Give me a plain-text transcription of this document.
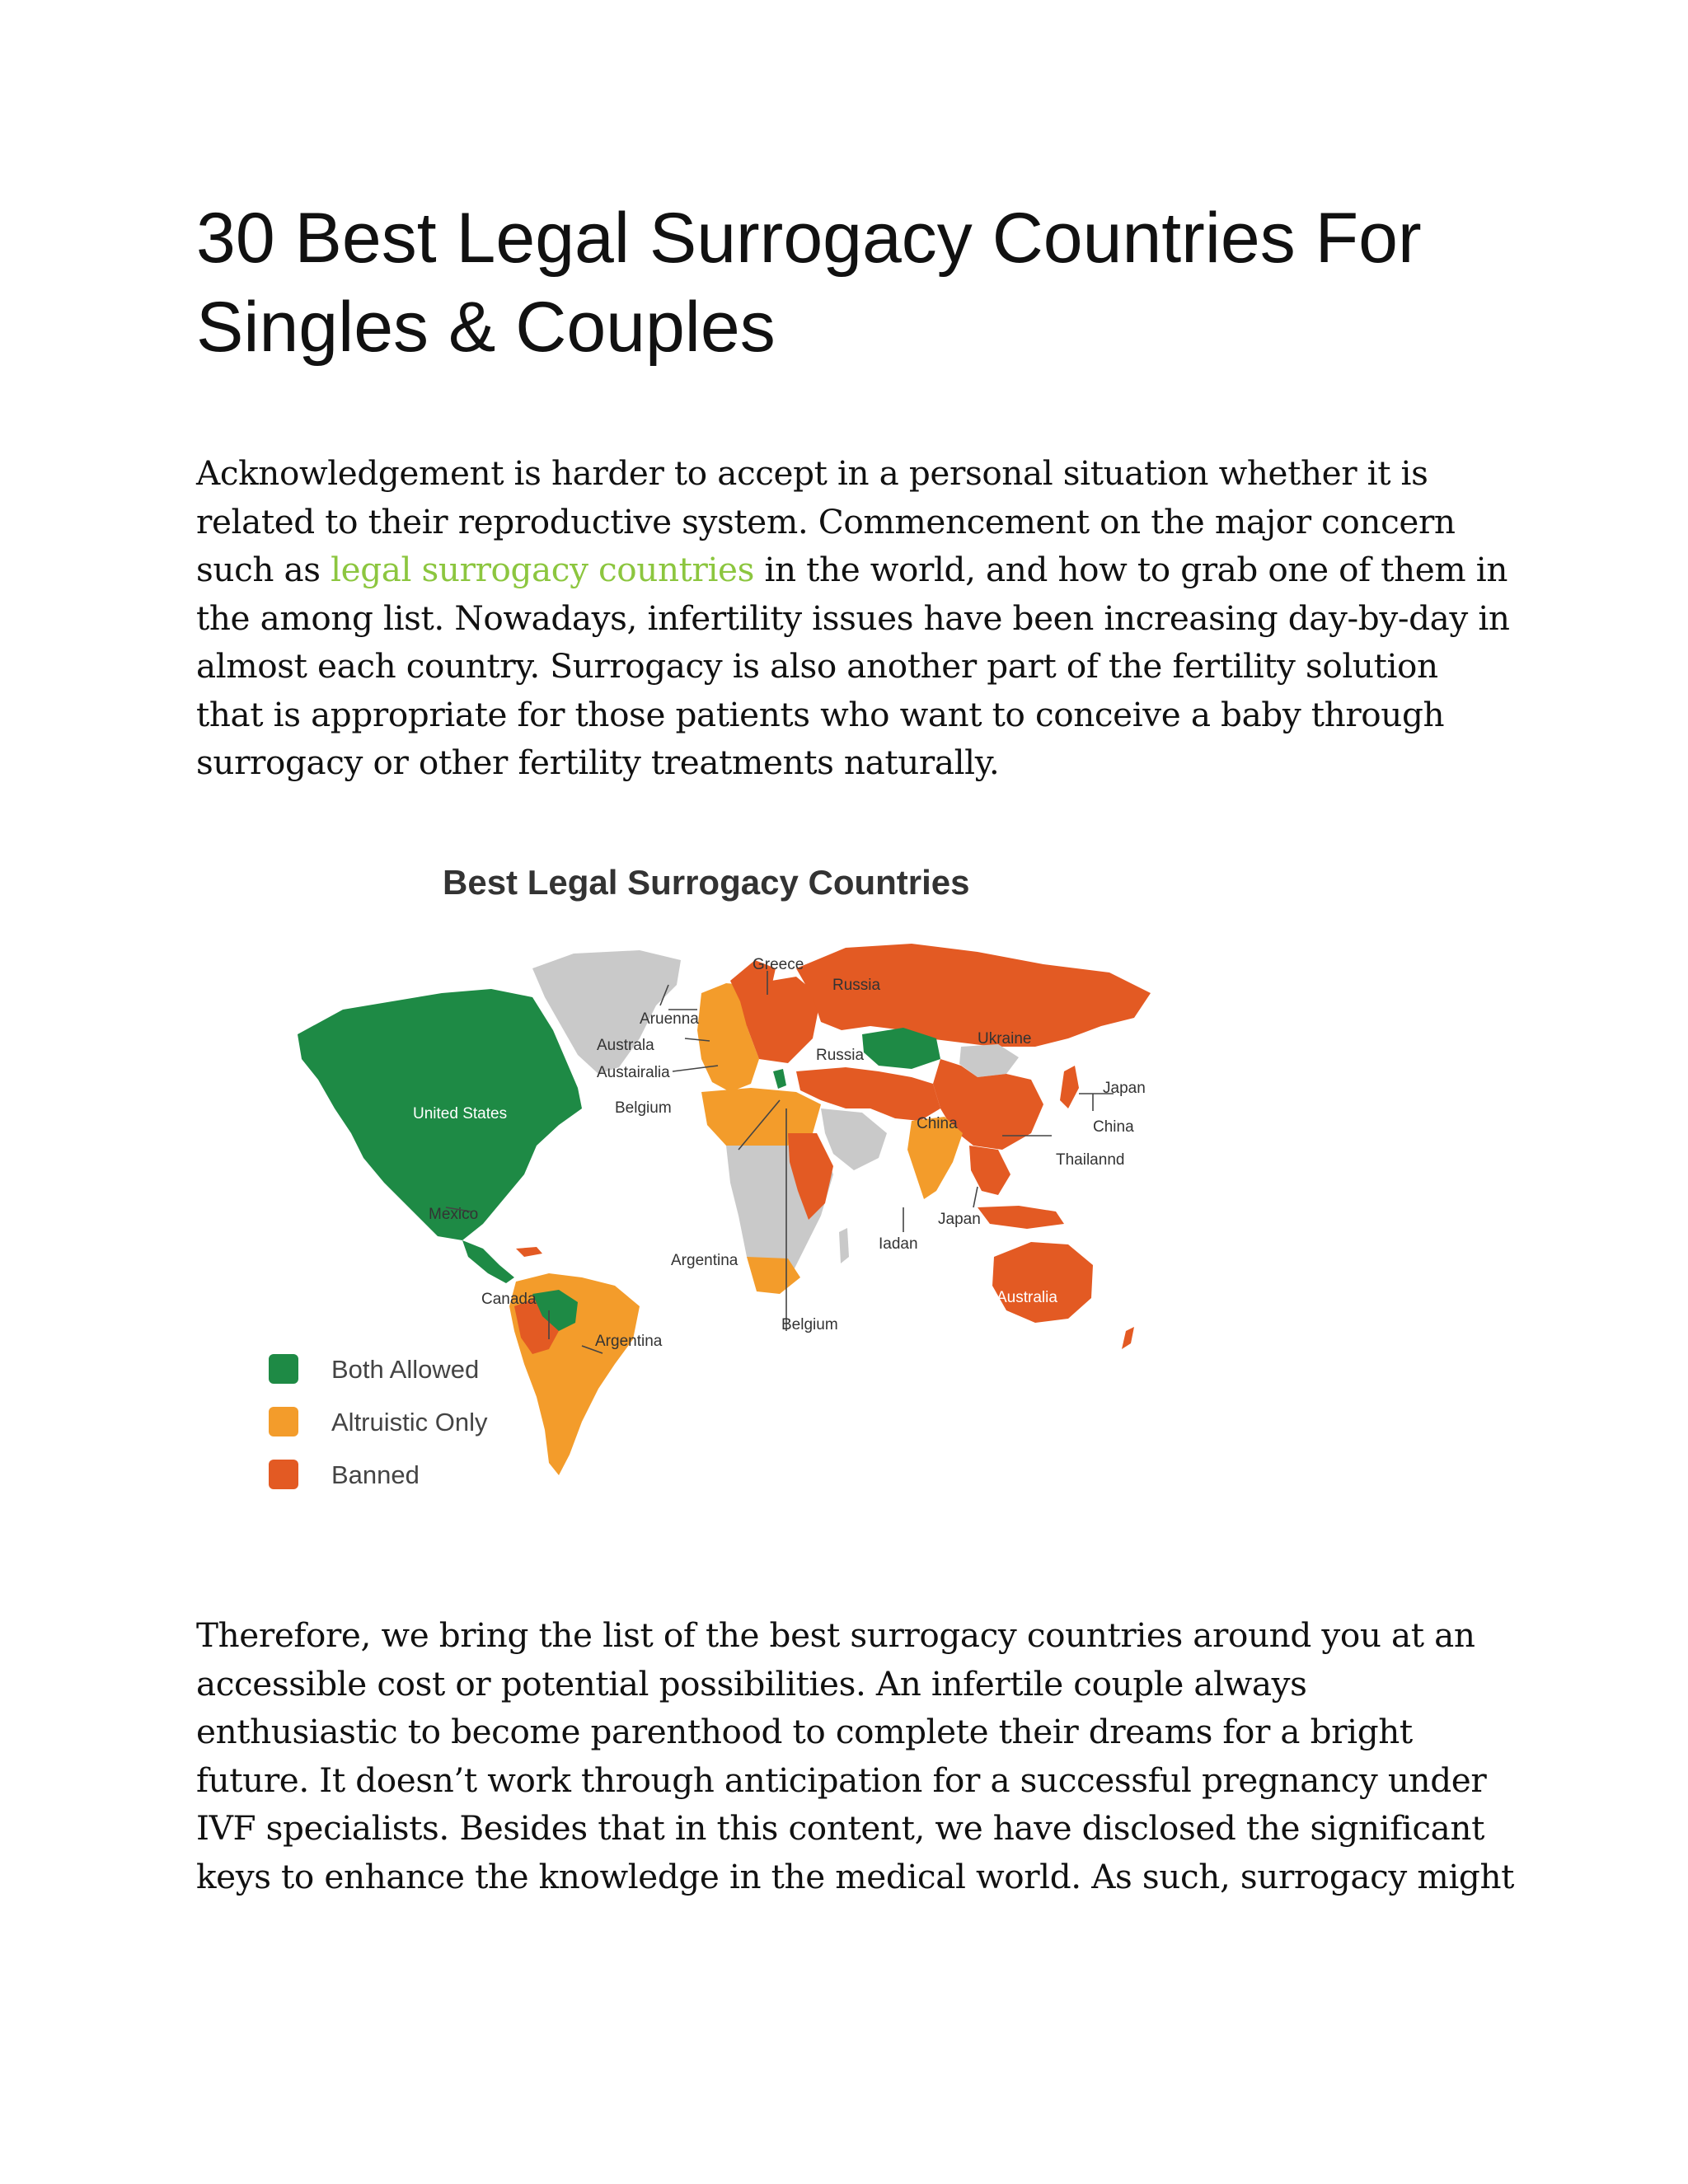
30 Best Legal Surrogacy Countries For
Singles & Couples

Acknowledgement is harder to accept in a personal situation whether it is
related to their reproductive system. Commencement on the major concern
such as legal surrogacy countries in the world, and how to grab one of them in
the among list. Nowadays, infertility issues have been increasing day-by-day in
almost each country. Surrogacy is also another part of the fertility solution
that is appropriate for those patients who want to conceive a baby through
surrogacy or other fertility treatments naturally.

Therefore, we bring the list of the best surrogacy countries around you at an
accessible cost or potential possibilities. An infertile couple always
enthusiastic to become parenthood to complete their dreams for a bright
future. It doesn’t work through anticipation for a successful pregnancy under
IVF specialists. Besides that in this content, we have disclosed the significant
keys to enhance the knowledge in the medical world. As such, surrogacy might

Best Legal Surrogacy Countries
Greece
Russia
Aruenna
Australa
Austairalia
Belgium
Russia
Ukraine
Japan
China	China
Thailannd
United States
Mexico
Brazil
Canada
Argentina
Argentina
Belgium
Iadan
Japan
Australia
Both Allowed
Altruistic Only
Banned
